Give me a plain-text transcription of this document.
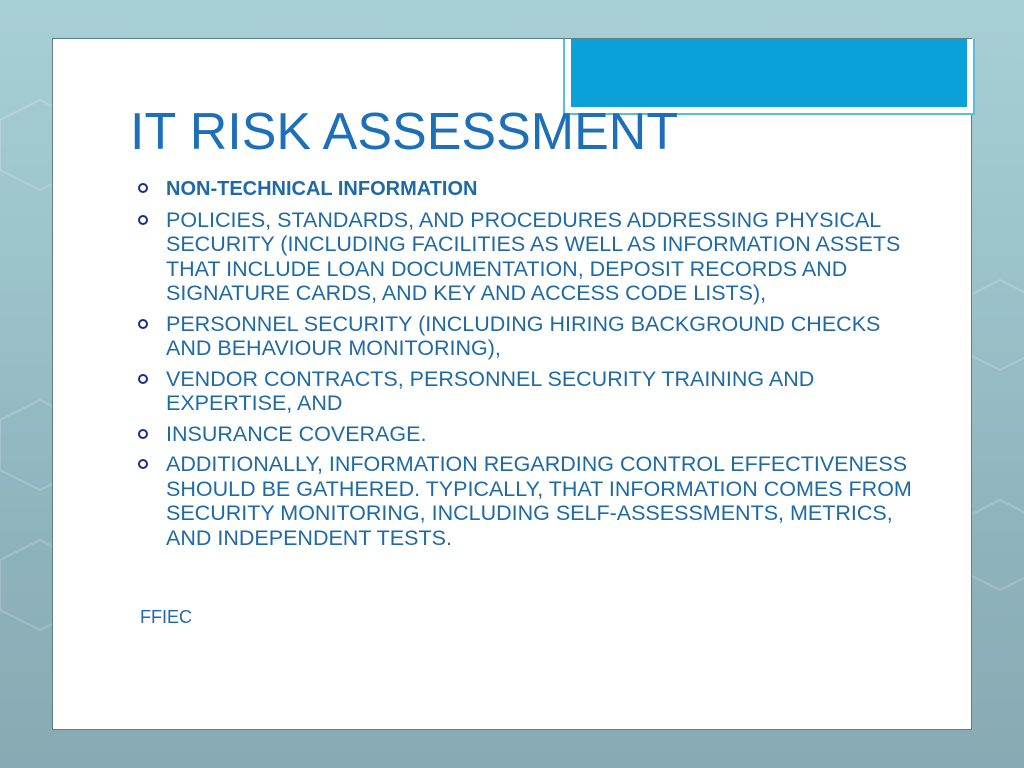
IT RISK ASSESSMENT
NON-TECHNICAL INFORMATION
POLICIES, STANDARDS, AND PROCEDURES ADDRESSING PHYSICAL SECURITY (INCLUDING FACILITIES AS WELL AS INFORMATION ASSETS THAT INCLUDE LOAN DOCUMENTATION, DEPOSIT RECORDS AND SIGNATURE CARDS, AND KEY AND ACCESS CODE LISTS),
PERSONNEL SECURITY (INCLUDING HIRING BACKGROUND CHECKS AND BEHAVIOUR MONITORING),
VENDOR CONTRACTS, PERSONNEL SECURITY TRAINING AND EXPERTISE, AND
INSURANCE COVERAGE.
ADDITIONALLY, INFORMATION REGARDING CONTROL EFFECTIVENESS SHOULD BE GATHERED. TYPICALLY, THAT INFORMATION COMES FROM SECURITY MONITORING, INCLUDING SELF-ASSESSMENTS, METRICS, AND INDEPENDENT TESTS.

FFIEC
